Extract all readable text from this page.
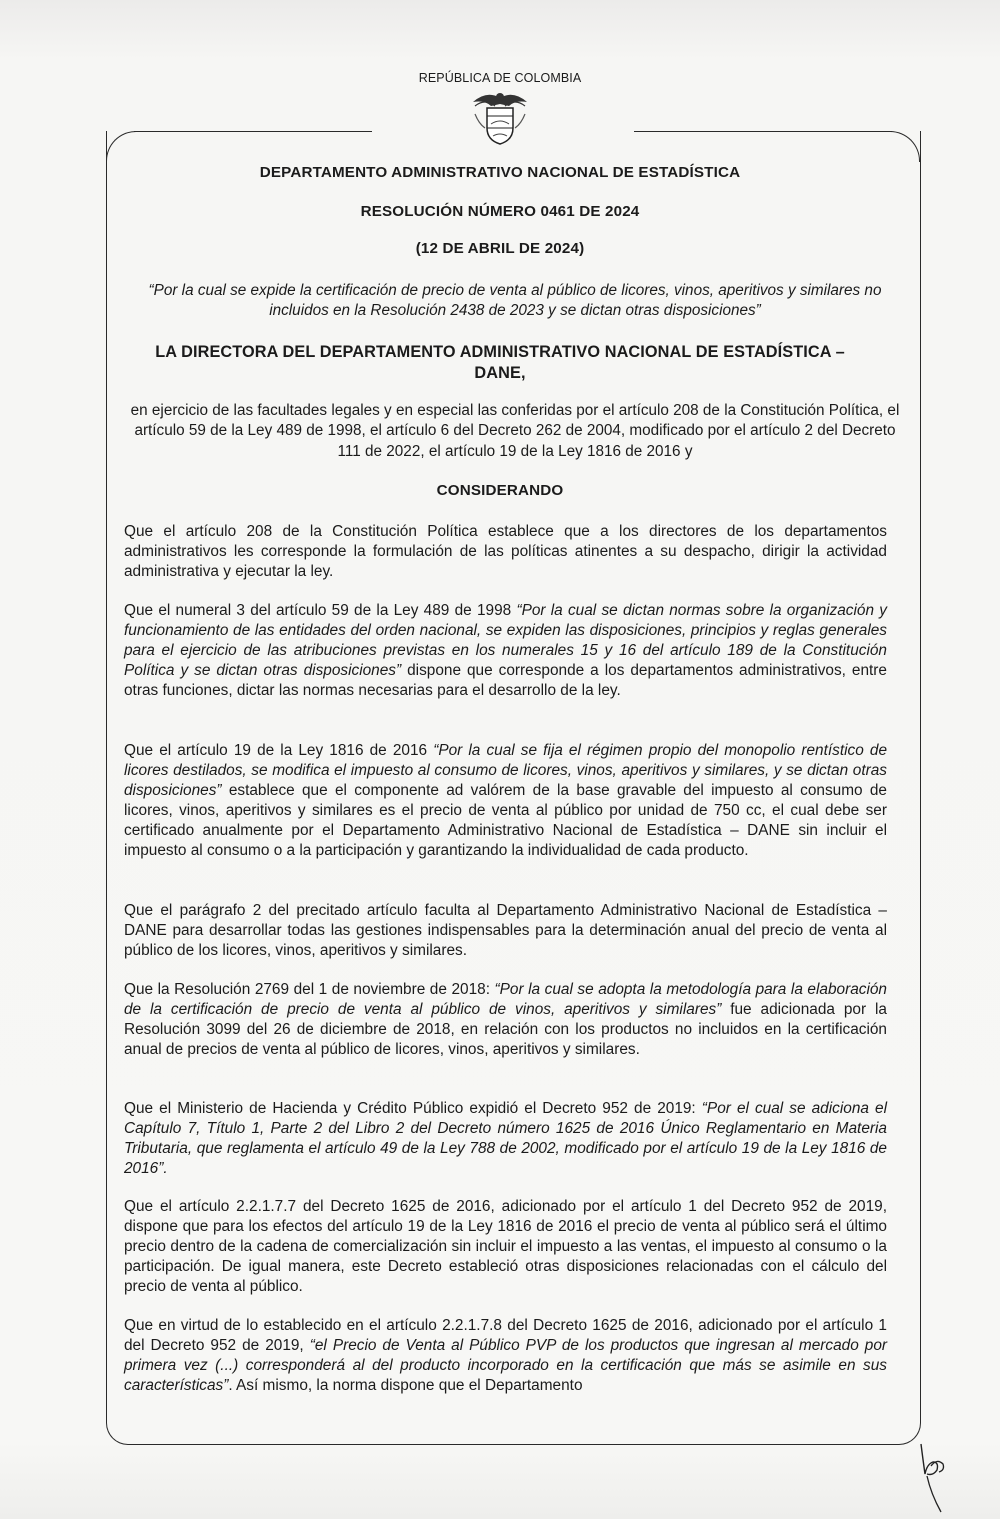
REPÚBLICA DE COLOMBIA
DEPARTAMENTO ADMINISTRATIVO NACIONAL DE ESTADÍSTICA
RESOLUCIÓN NÚMERO 0461 DE 2024
(12 DE ABRIL DE 2024)
“Por la cual se expide la certificación de precio de venta al público de licores, vinos, aperitivos y similares no incluidos en la Resolución 2438 de 2023 y se dictan otras disposiciones”
LA DIRECTORA DEL DEPARTAMENTO ADMINISTRATIVO NACIONAL DE ESTADÍSTICA –
DANE,
en ejercicio de las facultades legales y en especial las conferidas por el artículo 208 de la Constitución Política, el artículo 59 de la Ley 489 de 1998, el artículo 6 del Decreto 262 de 2004, modificado por el artículo 2 del Decreto 111 de 2022, el artículo 19 de la Ley 1816 de 2016 y
CONSIDERANDO
Que el artículo 208 de la Constitución Política establece que a los directores de los departamentos administrativos les corresponde la formulación de las políticas atinentes a su despacho, dirigir la actividad administrativa y ejecutar la ley.
Que el numeral 3 del artículo 59 de la Ley 489 de 1998 “Por la cual se dictan normas sobre la organización y funcionamiento de las entidades del orden nacional, se expiden las disposiciones, principios y reglas generales para el ejercicio de las atribuciones previstas en los numerales 15 y 16 del artículo 189 de la Constitución Política y se dictan otras disposiciones” dispone que corresponde a los departamentos administrativos, entre otras funciones, dictar las normas necesarias para el desarrollo de la ley.
Que el artículo 19 de la Ley 1816 de 2016 “Por la cual se fija el régimen propio del monopolio rentístico de licores destilados, se modifica el impuesto al consumo de licores, vinos, aperitivos y similares, y se dictan otras disposiciones” establece que el componente ad valórem de la base gravable del impuesto al consumo de licores, vinos, aperitivos y similares es el precio de venta al público por unidad de 750 cc, el cual debe ser certificado anualmente por el Departamento Administrativo Nacional de Estadística – DANE sin incluir el impuesto al consumo o a la participación y garantizando la individualidad de cada producto.
Que el parágrafo 2 del precitado artículo faculta al Departamento Administrativo Nacional de Estadística – DANE para desarrollar todas las gestiones indispensables para la determinación anual del precio de venta al público de los licores, vinos, aperitivos y similares.
Que la Resolución 2769 del 1 de noviembre de 2018: “Por la cual se adopta la metodología para la elaboración de la certificación de precio de venta al público de vinos, aperitivos y similares” fue adicionada por la Resolución 3099 del 26 de diciembre de 2018, en relación con los productos no incluidos en la certificación anual de precios de venta al público de licores, vinos, aperitivos y similares.
Que el Ministerio de Hacienda y Crédito Público expidió el Decreto 952 de 2019: “Por el cual se adiciona el Capítulo 7, Título 1, Parte 2 del Libro 2 del Decreto número 1625 de 2016 Único Reglamentario en Materia Tributaria, que reglamenta el artículo 49 de la Ley 788 de 2002, modificado por el artículo 19 de la Ley 1816 de 2016”.
Que el artículo 2.2.1.7.7 del Decreto 1625 de 2016, adicionado por el artículo 1 del Decreto 952 de 2019, dispone que para los efectos del artículo 19 de la Ley 1816 de 2016 el precio de venta al público será el último precio dentro de la cadena de comercialización sin incluir el impuesto a las ventas, el impuesto al consumo o la participación. De igual manera, este Decreto estableció otras disposiciones relacionadas con el cálculo del precio de venta al público.
Que en virtud de lo establecido en el artículo 2.2.1.7.8 del Decreto 1625 de 2016, adicionado por el artículo 1 del Decreto 952 de 2019, “el Precio de Venta al Público PVP de los productos que ingresan al mercado por primera vez (...) corresponderá al del producto incorporado en la certificación que más se asimile en sus características”. Así mismo, la norma dispone que el Departamento
